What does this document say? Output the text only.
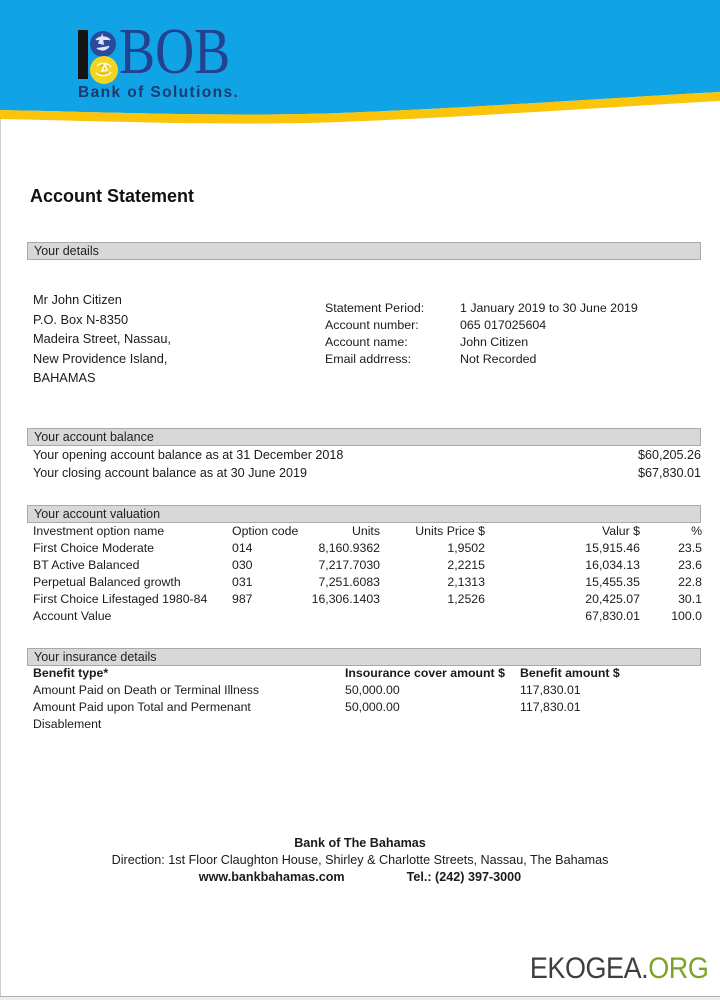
BOB
Bank of Solutions.
Account Statement
Your details
Mr John Citizen
P.O. Box N-8350
Madeira Street, Nassau,
New Providence Island,
BAHAMAS
Statement Period:	1 January 2019 to 30 June 2019
Account number:	065 017025604
Account name:	John Citizen
Email addrress:	Not Recorded
Your account balance
Your opening account balance as at 31 December 2018	$60,205.26
Your closing account balance as at 30 June 2019	$67,830.01
Your account valuation
Investment option name	Option code	Units	Units Price $	Valur $	%
First Choice Moderate	014	8,160.9362	1,9502	15,915.46	23.5
BT Active Balanced	030	7,217.7030	2,2215	16,034.13	23.6
Perpetual Balanced growth	031	7,251.6083	2,1313	15,455.35	22.8
First Choice Lifestaged 1980-84	987	16,306.1403	1,2526	20,425.07	30.1
Account Value				67,830.01	100.0
Your insurance details
Benefit type*	Insourance cover amount $	Benefit amount $

Amount Paid on Death or Terminal Illness	50,000.00	117,830.01

Amount Paid upon Total and Permenant Disablement	50,000.00	117,830.01
Bank of The Bahamas
Direction: 1st Floor Claughton House, Shirley & Charlotte Streets, Nassau, The Bahamas
www.bankbahamas.com	Tel.: (242) 397-3000
EKOGEA.ORG
